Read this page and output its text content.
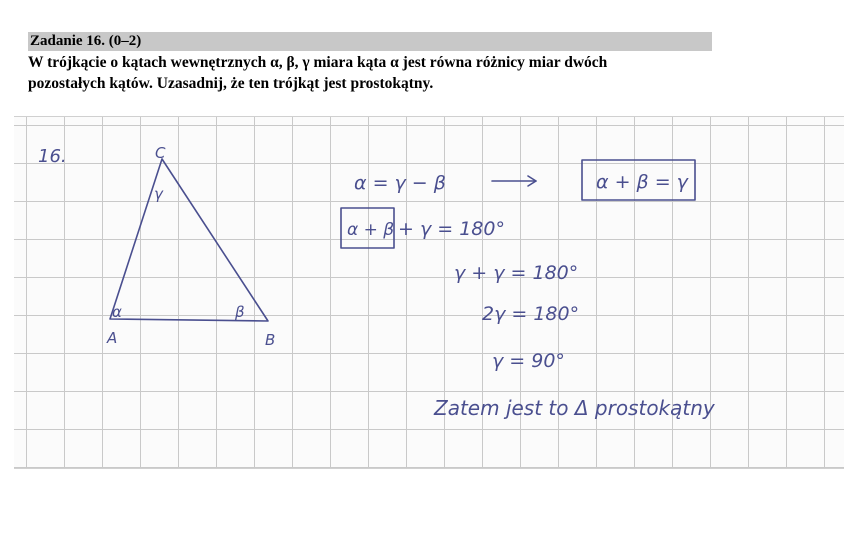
Zadanie 16. (0–2)

W trójkącie o kątach wewnętrznych α, β, γ miara kąta α jest równa różnicy miar dwóch
pozostałych kątów. Uzasadnij, że ten trójkąt jest prostokątny.

16.	C
A	B
γ
α	β
α = γ − β	α + β = γ
α + β + γ = 180°
γ + γ = 180°
2γ = 180°
γ = 90°
Zatem jest to Δ prostokątny
